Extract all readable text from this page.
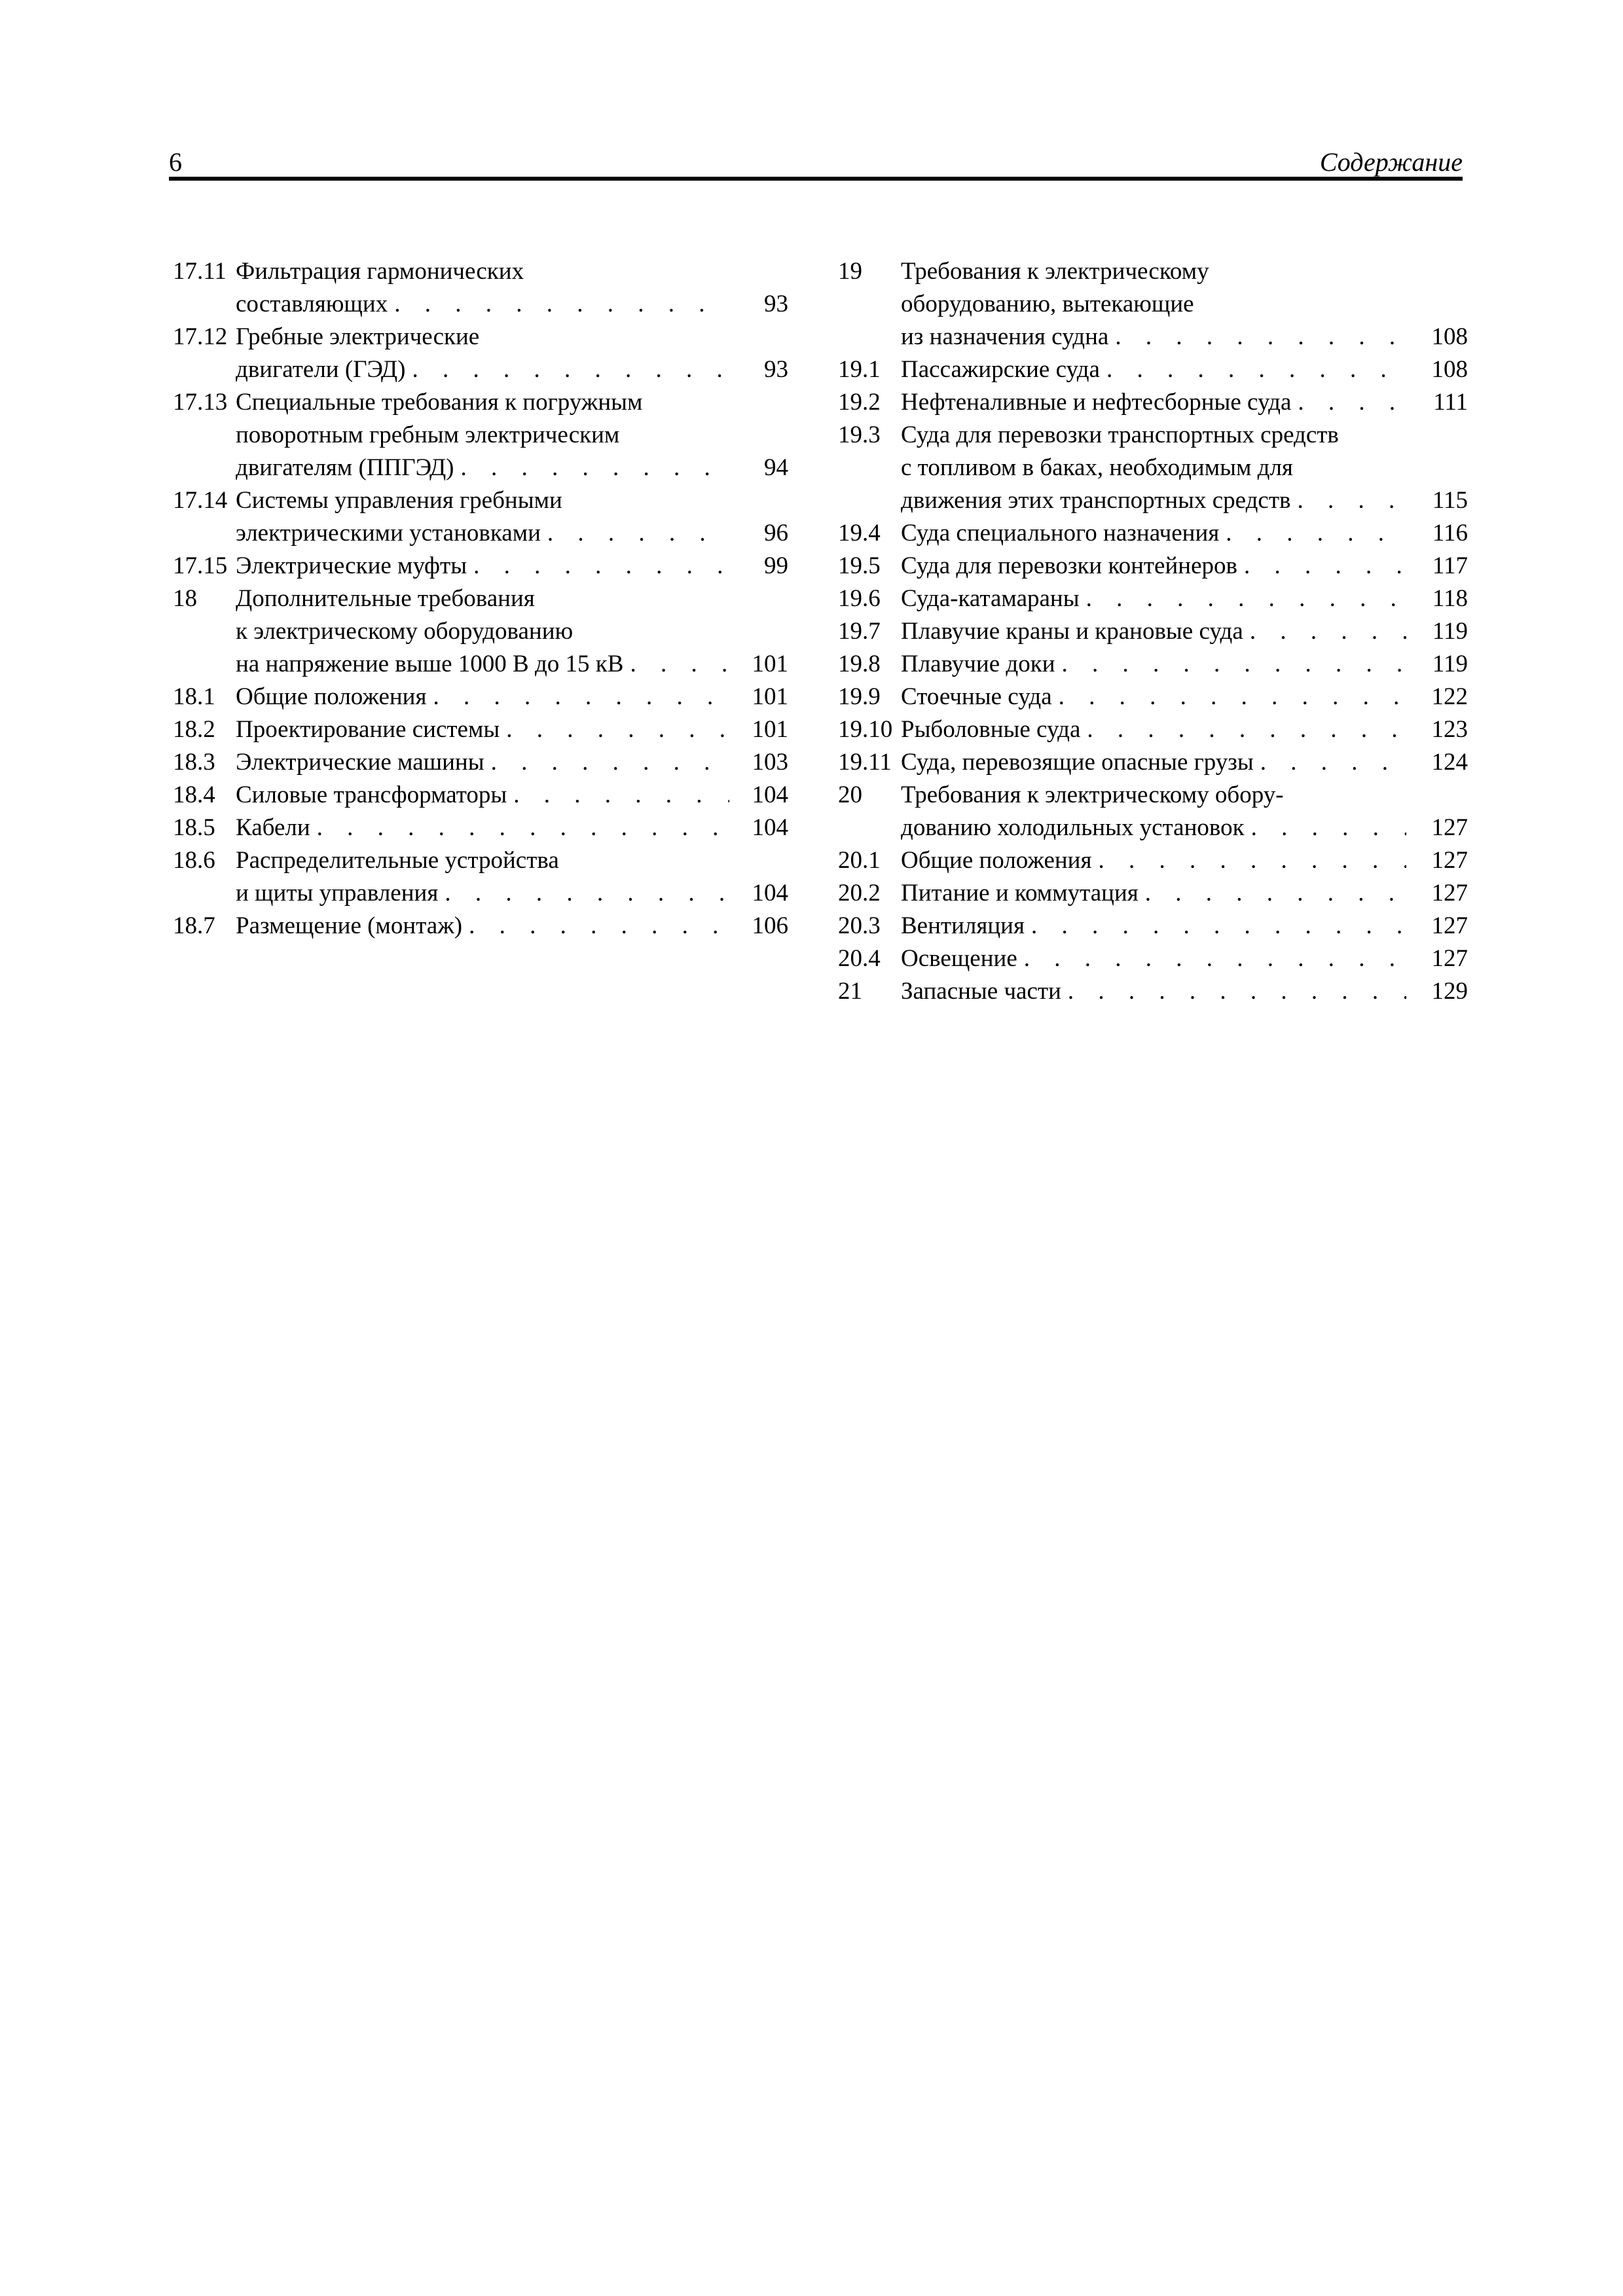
6	Содержание
17.11 Фильтрация гармонических
составляющих . . .	93
17.12 Гребные электрические
двигатели (ГЭД) . . .	93
17.13 Специальные требования к погружным
поворотным гребным электрическим
двигателям (ППГЭД) . . .	94
17.14 Системы управления гребными
электрическими установками . . .	96
17.15 Электрические муфты . . .	99
18	Дополнительные требования
к электрическому оборудованию
на напряжение выше 1000 В до 15 кВ . . .	101
18.1 Общие положения . . .	101
18.2 Проектирование системы . . .	101
18.3 Электрические машины . . .	103
18.4 Силовые трансформаторы . . .	104
18.5 Кабели . . .	104
18.6 Распределительные устройства
и щиты управления . . .	104
18.7 Размещение (монтаж) . . .	106
19	Требования к электрическому
оборудованию, вытекающие
из назначения судна . . .	108
19.1 Пассажирские суда . . .	108
19.2 Нефтеналивные и нефтесборные суда . . .	111
19.3 Суда для перевозки транспортных средств
с топливом в баках, необходимым для
движения этих транспортных средств . . .	115
19.4 Суда специального назначения . . .	116
19.5 Суда для перевозки контейнеров . . .	117
19.6 Суда-катамараны . . .	118
19.7 Плавучие краны и крановые суда . . .	119
19.8 Плавучие доки . . .	119
19.9 Стоечные суда . . .	122
19.10 Рыболовные суда . . .	123
19.11 Суда, перевозящие опасные грузы . . .	124
20	Требования к электрическому обору-
дованию холодильных установок . . .	127
20.1 Общие положения . . .	127
20.2 Питание и коммутация . . .	127
20.3 Вентиляция . . .	127
20.4 Освещение . . .	127
21	Запасные части . . .	129
